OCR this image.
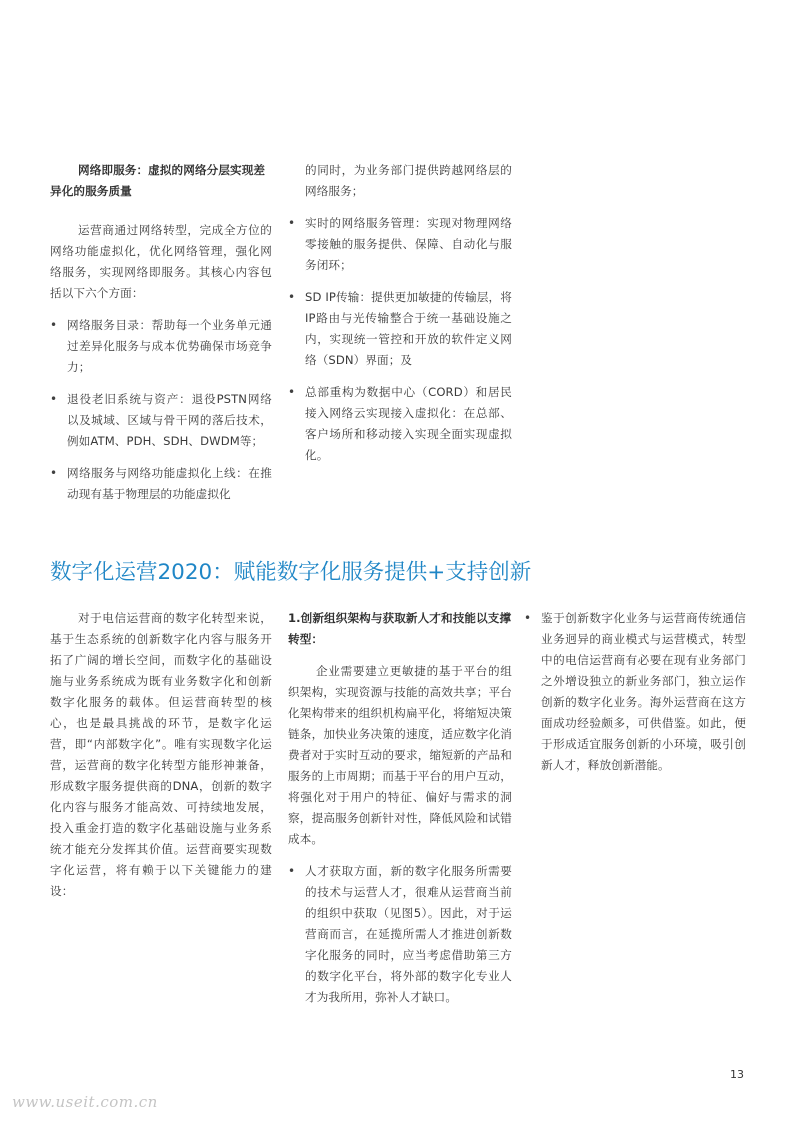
网络即服务：虚拟的网络分层实现差异化的服务质量
运营商通过网络转型，完成全方位的网络功能虚拟化，优化网络管理，强化网络服务，实现网络即服务。其核心内容包括以下六个方面：
• 网络服务目录：帮助每一个业务单元通过差异化服务与成本优势确保市场竞争力；
• 退役老旧系统与资产：退役PSTN网络以及城域、区域与骨干网的落后技术，例如ATM、PDH、SDH、DWDM等；
• 网络服务与网络功能虚拟化上线：在推动现有基于物理层的功能虚拟化
的同时，为业务部门提供跨越网络层的网络服务；
• 实时的网络服务管理：实现对物理网络零接触的服务提供、保障、自动化与服务闭环；
• SD IP传输：提供更加敏捷的传输层，将IP路由与光传输整合于统一基础设施之内，实现统一管控和开放的软件定义网络（SDN）界面；及
• 总部重构为数据中心（CORD）和居民接入网络云实现接入虚拟化：在总部、客户场所和移动接入实现全面实现虚拟化。
数字化运营2020：赋能数字化服务提供+支持创新
对于电信运营商的数字化转型来说，基于生态系统的创新数字化内容与服务开拓了广阔的增长空间，而数字化的基础设施与业务系统成为既有业务数字化和创新数字化服务的载体。但运营商转型的核心，也是最具挑战的环节，是数字化运营，即“内部数字化”。唯有实现数字化运营，运营商的数字化转型方能形神兼备，形成数字服务提供商的DNA，创新的数字化内容与服务才能高效、可持续地发展，投入重金打造的数字化基础设施与业务系统才能充分发挥其价值。运营商要实现数字化运营，将有赖于以下关键能力的建设：
1.创新组织架构与获取新人才和技能以支撑转型：
企业需要建立更敏捷的基于平台的组织架构，实现资源与技能的高效共享；平台化架构带来的组织机构扁平化，将缩短决策链条，加快业务决策的速度，适应数字化消费者对于实时互动的要求，缩短新的产品和服务的上市周期；而基于平台的用户互动，将强化对于用户的特征、偏好与需求的洞察，提高服务创新针对性，降低风险和试错成本。
• 人才获取方面，新的数字化服务所需要的技术与运营人才，很难从运营商当前的组织中获取（见图5）。因此，对于运营商而言，在延揽所需人才推进创新数字化服务的同时，应当考虑借助第三方的数字化平台，将外部的数字化专业人才为我所用，弥补人才缺口。
• 鉴于创新数字化业务与运营商传统通信业务迥异的商业模式与运营模式，转型中的电信运营商有必要在现有业务部门之外增设独立的新业务部门，独立运作创新的数字化业务。海外运营商在这方面成功经验颇多，可供借鉴。如此，便于形成适宜服务创新的小环境，吸引创新人才，释放创新潜能。
13
www.useit.com.cn
